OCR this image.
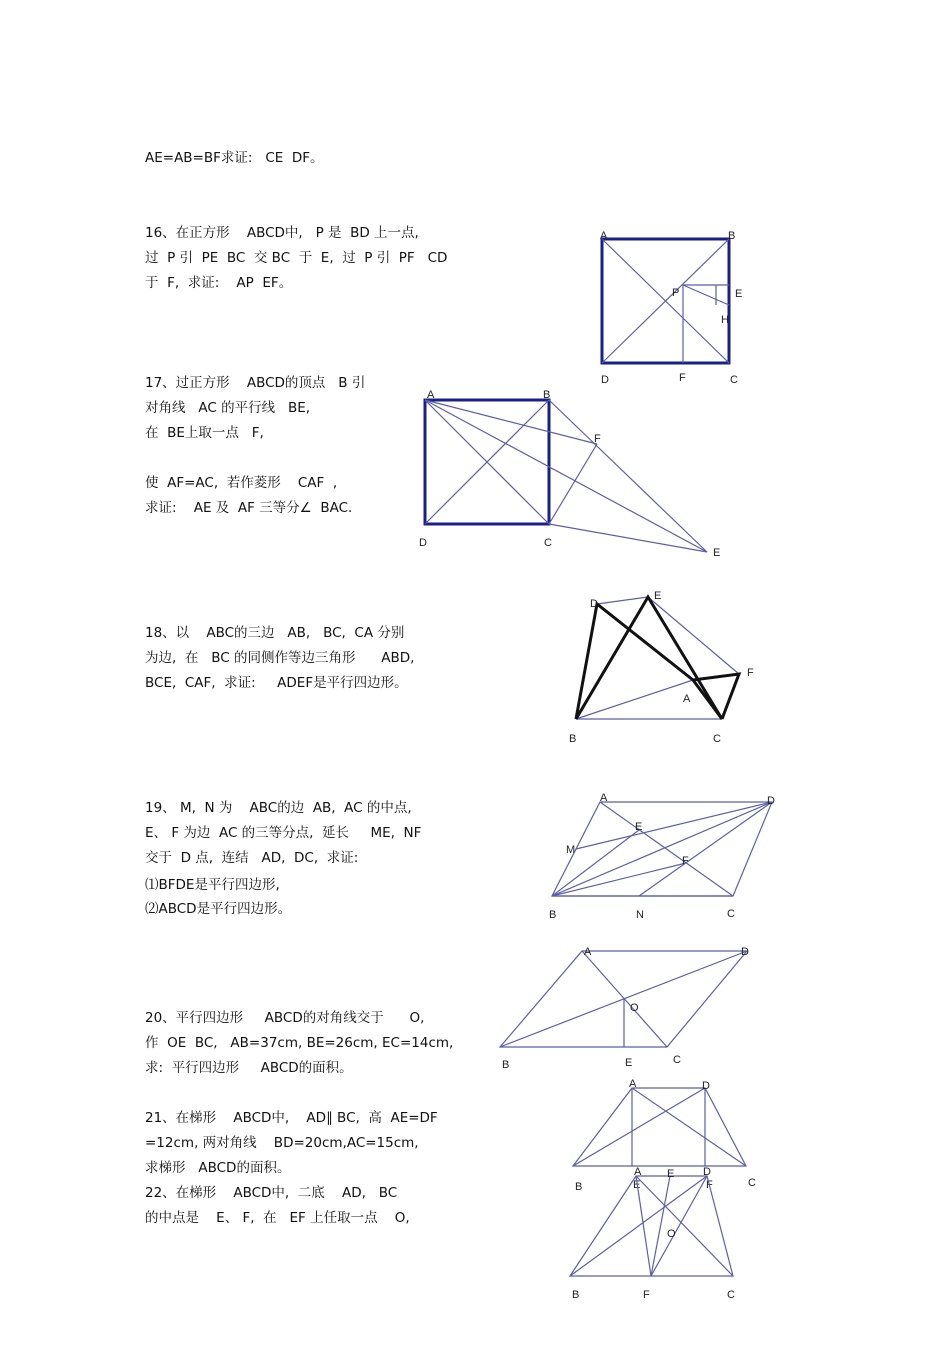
AE=AB=BF求证:   CE  DF。
16、在正方形    ABCD中,   P 是  BD 上一点,
过  P 引  PE  BC  交 BC  于  E,  过  P 引  PF   CD
于  F,  求证:    AP  EF。
17、过正方形    ABCD的顶点   B 引
对角线   AC 的平行线   BE,
在  BE上取一点   F,
使  AF=AC,  若作菱形    CAF  ,
求证:    AE 及  AF 三等分∠  BAC.
18、以    ABC的三边   AB,   BC,  CA 分别
为边,  在   BC 的同侧作等边三角形      ABD,
BCE,  CAF,  求证:     ADEF是平行四边形。
19、 M,  N 为    ABC的边  AB,  AC 的中点,
E、 F 为边  AC 的三等分点,  延长     ME,  NF
交于  D 点,  连结   AD,  DC,  求证:
⑴BFDE是平行四边形,
⑵ABCD是平行四边形。
20、平行四边形     ABCD的对角线交于      O,
作  OE  BC,   AB=37cm, BE=26cm, EC=14cm,
求:  平行四边形     ABCD的面积。
21、在梯形    ABCD中,    AD∥ BC,  高  AE=DF
=12cm, 两对角线    BD=20cm,AC=15cm,
求梯形   ABCD的面积。
22、在梯形    ABCD中,  二底    AD,   BC
的中点是    E、 F,  在   EF 上任取一点    O,
A	B
E
P
H
D	F	C
A	B
F
D	C
E
D
E
F
A
B	C
A	D
E
M
F
B	N	C
A	D
O
B	E	C
A	D
B	E	F	C
A E	D
O
B	F	C
